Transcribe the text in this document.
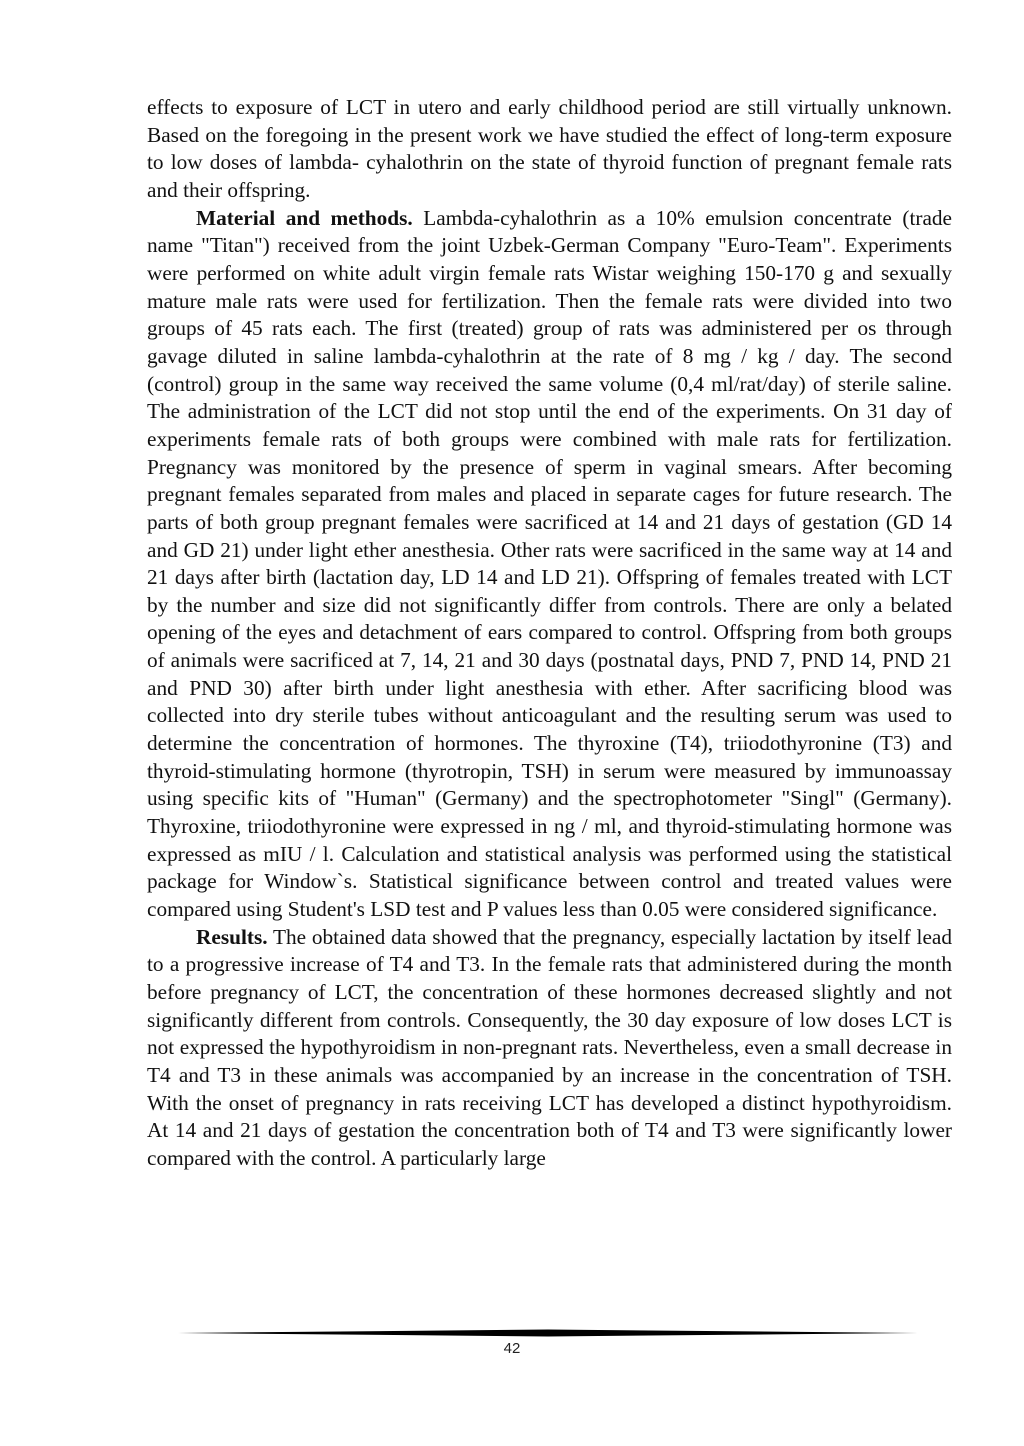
effects to exposure of LCT in utero and early childhood period are still virtually unknown. Based on the foregoing in the present work we have studied the effect of long-term exposure to low doses of lambda- cyhalothrin on the state of thyroid function of pregnant female rats and their offspring.

Material and methods. Lambda-cyhalothrin as a 10% emulsion concentrate (trade name "Titan") received from the joint Uzbek-German Company "Euro-Team". Experiments were performed on white adult virgin female rats Wistar weighing 150-170 g and sexually mature male rats were used for fertilization. Then the female rats were divided into two groups of 45 rats each. The first (treated) group of rats was administered per os through gavage diluted in saline lambda-cyhalothrin at the rate of 8 mg / kg / day. The second (control) group in the same way received the same volume (0,4 ml/rat/day) of sterile saline. The administration of the LCT did not stop until the end of the experiments. On 31 day of experiments female rats of both groups were combined with male rats for fertilization. Pregnancy was monitored by the presence of sperm in vaginal smears. After becoming pregnant females separated from males and placed in separate cages for future research. The parts of both group pregnant females were sacrificed at 14 and 21 days of gestation (GD 14 and GD 21) under light ether anesthesia. Other rats were sacrificed in the same way at 14 and 21 days after birth (lactation day, LD 14 and LD 21). Offspring of females treated with LCT by the number and size did not significantly differ from controls. There are only a belated opening of the eyes and detachment of ears compared to control. Offspring from both groups of animals were sacrificed at 7, 14, 21 and 30 days (postnatal days, PND 7, PND 14, PND 21 and PND 30) after birth under light anesthesia with ether. After sacrificing blood was collected into dry sterile tubes without anticoagulant and the resulting serum was used to determine the concentration of hormones. The thyroxine (T4), triiodothyronine (T3) and thyroid-stimulating hormone (thyrotropin, TSH) in serum were measured by immunoassay using specific kits of "Human" (Germany) and the spectrophotometer "Singl" (Germany). Thyroxine, triiodothyronine were expressed in ng / ml, and thyroid-stimulating hormone was expressed as mIU / l. Calculation and statistical analysis was performed using the statistical package for Window`s. Statistical significance between control and treated values were compared using Student's LSD test and P values less than 0.05 were considered significance.

Results. The obtained data showed that the pregnancy, especially lactation by itself lead to a progressive increase of T4 and T3. In the female rats that administered during the month before pregnancy of LCT, the concentration of these hormones decreased slightly and not significantly different from controls. Consequently, the 30 day exposure of low doses LCT is not expressed the hypothyroidism in non-pregnant rats. Nevertheless, even a small decrease in T4 and T3 in these animals was accompanied by an increase in the concentration of TSH. With the onset of pregnancy in rats receiving LCT has developed a distinct hypothyroidism. At 14 and 21 days of gestation the concentration both of T4 and T3 were significantly lower compared with the control. A particularly large

42
